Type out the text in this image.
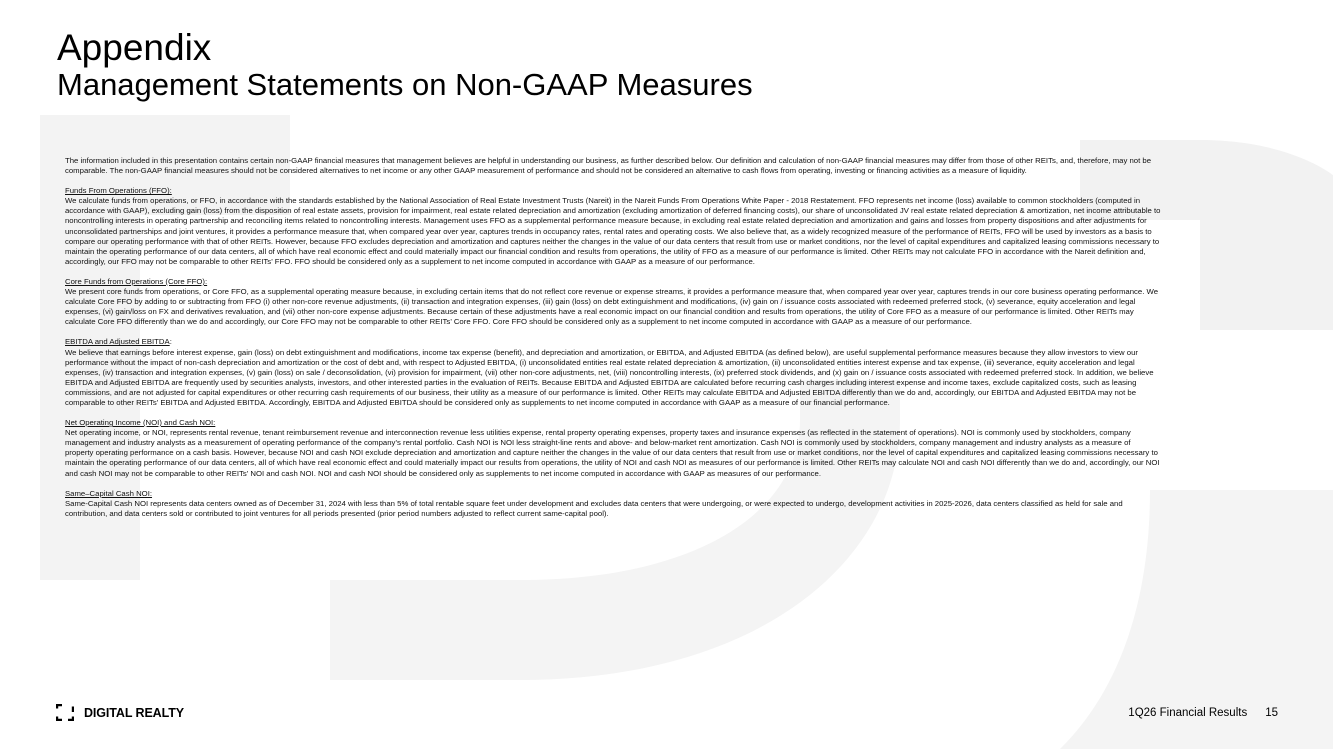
Appendix
Management Statements on Non-GAAP Measures

The information included in this presentation contains certain non-GAAP financial measures that management believes are helpful in understanding our business, as further described below. Our definition and calculation of non-GAAP financial measures may differ from those of other REITs, and, therefore, may not be comparable. The non-GAAP financial measures should not be considered alternatives to net income or any other GAAP measurement of performance and should not be considered an alternative to cash flows from operating, investing or financing activities as a measure of liquidity.

Funds From Operations (FFO):

We calculate funds from operations, or FFO, in accordance with the standards established by the National Association of Real Estate Investment Trusts (Nareit) in the Nareit Funds From Operations White Paper - 2018 Restatement. FFO represents net income (loss) available to common stockholders (computed in accordance with GAAP), excluding gain (loss) from the disposition of real estate assets, provision for impairment, real estate related depreciation and amortization (excluding amortization of deferred financing costs), our share of unconsolidated JV real estate related depreciation & amortization, net income attributable to noncontrolling interests in operating partnership and reconciling items related to noncontrolling interests. Management uses FFO as a supplemental performance measure because, in excluding real estate related depreciation and amortization and gains and losses from property dispositions and after adjustments for unconsolidated partnerships and joint ventures, it provides a performance measure that, when compared year over year, captures trends in occupancy rates, rental rates and operating costs. We also believe that, as a widely recognized measure of the performance of REITs, FFO will be used by investors as a basis to compare our operating performance with that of other REITs. However, because FFO excludes depreciation and amortization and captures neither the changes in the value of our data centers that result from use or market conditions, nor the level of capital expenditures and capitalized leasing commissions necessary to maintain the operating performance of our data centers, all of which have real economic effect and could materially impact our financial condition and results from operations, the utility of FFO as a measure of our performance is limited. Other REITs may not calculate FFO in accordance with the Nareit definition and, accordingly, our FFO may not be comparable to other REITs’ FFO. FFO should be considered only as a supplement to net income computed in accordance with GAAP as a measure of our performance.

Core Funds from Operations (Core FFO):

We present core funds from operations, or Core FFO, as a supplemental operating measure because, in excluding certain items that do not reflect core revenue or expense streams, it provides a performance measure that, when compared year over year, captures trends in our core business operating performance. We calculate Core FFO by adding to or subtracting from FFO (i) other non-core revenue adjustments, (ii) transaction and integration expenses, (iii) gain (loss) on debt extinguishment and modifications, (iv) gain on / issuance costs associated with redeemed preferred stock, (v) severance, equity acceleration and legal expenses, (vi) gain/loss on FX and derivatives revaluation, and (vii) other non-core expense adjustments. Because certain of these adjustments have a real economic impact on our financial condition and results from operations, the utility of Core FFO as a measure of our performance is limited. Other REITs may calculate Core FFO differently than we do and accordingly, our Core FFO may not be comparable to other REITs’ Core FFO. Core FFO should be considered only as a supplement to net income computed in accordance with GAAP as a measure of our performance.

EBITDA and Adjusted EBITDA:

We believe that earnings before interest expense, gain (loss) on debt extinguishment and modifications, income tax expense (benefit), and depreciation and amortization, or EBITDA, and Adjusted EBITDA (as defined below), are useful supplemental performance measures because they allow investors to view our performance without the impact of non-cash depreciation and amortization or the cost of debt and, with respect to Adjusted EBITDA, (i) unconsolidated entities real estate related depreciation & amortization, (ii) unconsolidated entities interest expense and tax expense, (iii) severance, equity acceleration and legal expenses, (iv) transaction and integration expenses, (v) gain (loss) on sale / deconsolidation, (vi) provision for impairment, (vii) other non-core adjustments, net, (viii) noncontrolling interests, (ix) preferred stock dividends, and (x) gain on / issuance costs associated with redeemed preferred stock. In addition, we believe EBITDA and Adjusted EBITDA are frequently used by securities analysts, investors, and other interested parties in the evaluation of REITs. Because EBITDA and Adjusted EBITDA are calculated before recurring cash charges including interest expense and income taxes, exclude capitalized costs, such as leasing commissions, and are not adjusted for capital expenditures or other recurring cash requirements of our business, their utility as a measure of our performance is limited. Other REITs may calculate EBITDA and Adjusted EBITDA differently than we do and, accordingly, our EBITDA and Adjusted EBITDA may not be comparable to other REITs’ EBITDA and Adjusted EBITDA. Accordingly, EBITDA and Adjusted EBITDA should be considered only as supplements to net income computed in accordance with GAAP as a measure of our financial performance.

Net Operating Income (NOI) and Cash NOI:

Net operating income, or NOI, represents rental revenue, tenant reimbursement revenue and interconnection revenue less utilities expense, rental property operating expenses, property taxes and insurance expenses (as reflected in the statement of operations). NOI is commonly used by stockholders, company management and industry analysts as a measurement of operating performance of the company’s rental portfolio. Cash NOI is NOI less straight-line rents and above- and below-market rent amortization. Cash NOI is commonly used by stockholders, company management and industry analysts as a measure of property operating performance on a cash basis. However, because NOI and cash NOI exclude depreciation and amortization and capture neither the changes in the value of our data centers that result from use or market conditions, nor the level of capital expenditures and capitalized leasing commissions necessary to maintain the operating performance of our data centers, all of which have real economic effect and could materially impact our results from operations, the utility of NOI and cash NOI as measures of our performance is limited. Other REITs may calculate NOI and cash NOI differently than we do and, accordingly, our NOI and cash NOI may not be comparable to other REITs’ NOI and cash NOI. NOI and cash NOI should be considered only as supplements to net income computed in accordance with GAAP as measures of our performance.

Same–Capital Cash NOI:

Same-Capital Cash NOI represents data centers owned as of December 31, 2024 with less than 5% of total rentable square feet under development and excludes data centers that were undergoing, or were expected to undergo, development activities in 2025-2026, data centers classified as held for sale and contribution, and data centers sold or contributed to joint ventures for all periods presented (prior period numbers adjusted to reflect current same-capital pool).

DIGITAL REALTY	1Q26 Financial Results 15
